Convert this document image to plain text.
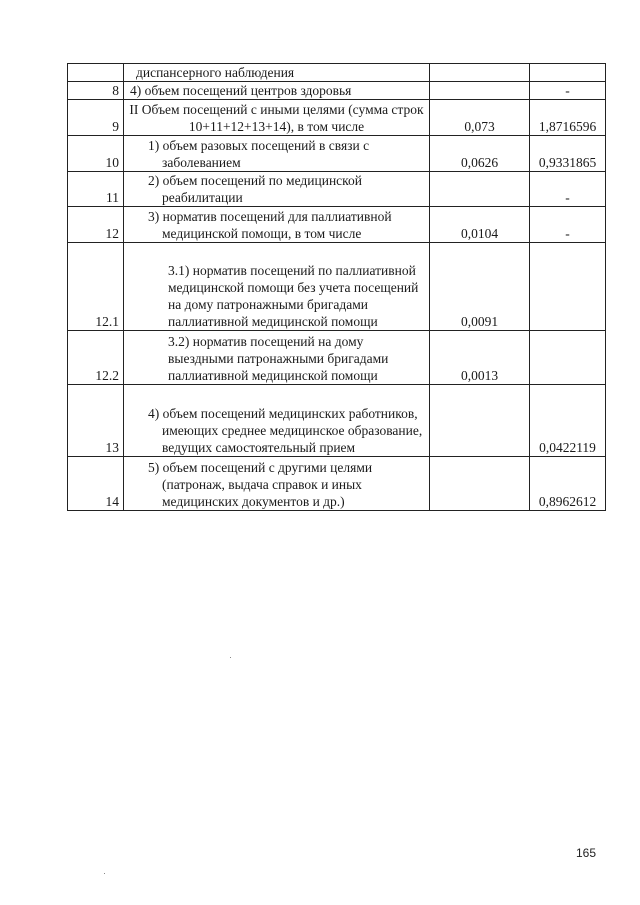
	диспансерного наблюдения		
8	4) объем посещений центров здоровья		-
9	II Объем посещений с иными целями (сумма строк 10+11+12+13+14), в том числе	0,073	1,8716596
10	1) объем разовых посещений в связи с заболеванием	0,0626	0,9331865
11	2) объем посещений по медицинской реабилитации		-
12	3) норматив посещений для паллиативной медицинской помощи, в том числе	0,0104	-
12.1	3.1) норматив посещений по паллиативной медицинской помощи без учета посещений на дому патронажными бригадами паллиативной медицинской помощи	0,0091	
12.2	3.2) норматив посещений на дому выездными патронажными бригадами паллиативной медицинской помощи	0,0013	
13	4) объем посещений медицинских работников, имеющих среднее медицинское образование, ведущих самостоятельный прием		0,0422119
14	5) объем посещений с другими целями (патронаж, выдача справок и иных медицинских документов и др.)		0,8962612
165
